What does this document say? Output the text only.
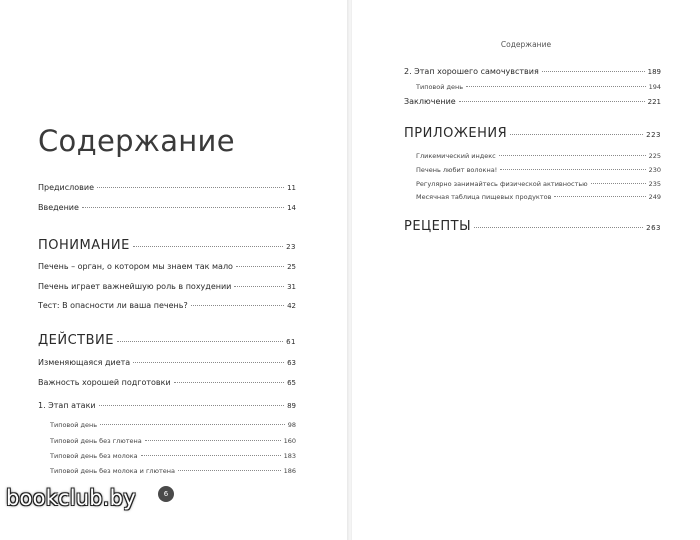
Содержание
Предисловие	11
Введение	14
ПОНИМАНИЕ	23
Печень – орган, о котором мы знаем так мало	25
Печень играет важнейшую роль в похудении	31
Тест: В опасности ли ваша печень?	42
ДЕЙСТВИЕ	61
Изменяющаяся диета	63
Важность хорошей подготовки	65
1. Этап атаки	89
Типовой день	98
Типовой день без глютена	160
Типовой день без молока	183
Типовой день без молока и глютена	186
6
Содержание
2. Этап хорошего самочувствия	189
Типовой день	194
Заключение	221
ПРИЛОЖЕНИЯ	223
Гликемический индекс	225
Печень любит волокна!	230
Регулярно занимайтесь физической активностью	235
Месячная таблица пищевых продуктов	249
РЕЦЕПТЫ	263
bookclub.by
